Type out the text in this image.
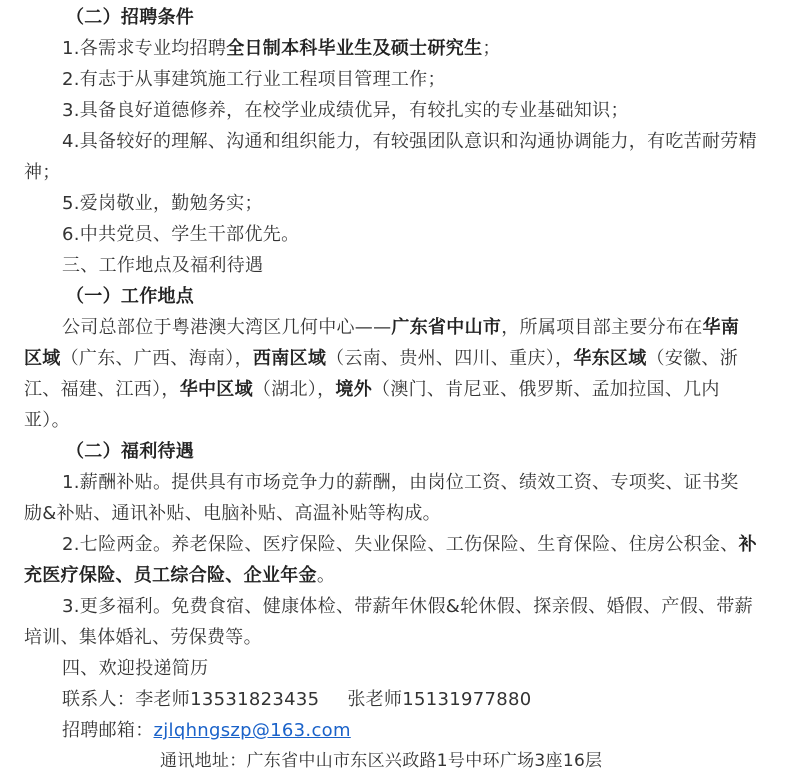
（二）招聘条件
1.各需求专业均招聘全日制本科毕业生及硕士研究生；
2.有志于从事建筑施工行业工程项目管理工作；
3.具备良好道德修养，在校学业成绩优异，有较扎实的专业基础知识；
4.具备较好的理解、沟通和组织能力，有较强团队意识和沟通协调能力，有吃苦耐劳精
神；
5.爱岗敬业，勤勉务实；
6.中共党员、学生干部优先。
三、工作地点及福利待遇
（一）工作地点
公司总部位于粤港澳大湾区几何中心——广东省中山市，所属项目部主要分布在华南
区域（广东、广西、海南），西南区域（云南、贵州、四川、重庆），华东区域（安徽、浙
江、福建、江西），华中区域（湖北），境外（澳门、肯尼亚、俄罗斯、孟加拉国、几内
亚）。
（二）福利待遇
1.薪酬补贴。提供具有市场竞争力的薪酬，由岗位工资、绩效工资、专项奖、证书奖
励&补贴、通讯补贴、电脑补贴、高温补贴等构成。
2.七险两金。养老保险、医疗保险、失业保险、工伤保险、生育保险、住房公积金、补
充医疗保险、员工综合险、企业年金。
3.更多福利。免费食宿、健康体检、带薪年休假&轮休假、探亲假、婚假、产假、带薪
培训、集体婚礼、劳保费等。
四、欢迎投递简历
联系人：李老师13531823435 张老师15131977880
招聘邮箱：zjlqhngszp@163.com
通讯地址：广东省中山市东区兴政路1号中环广场3座16层
